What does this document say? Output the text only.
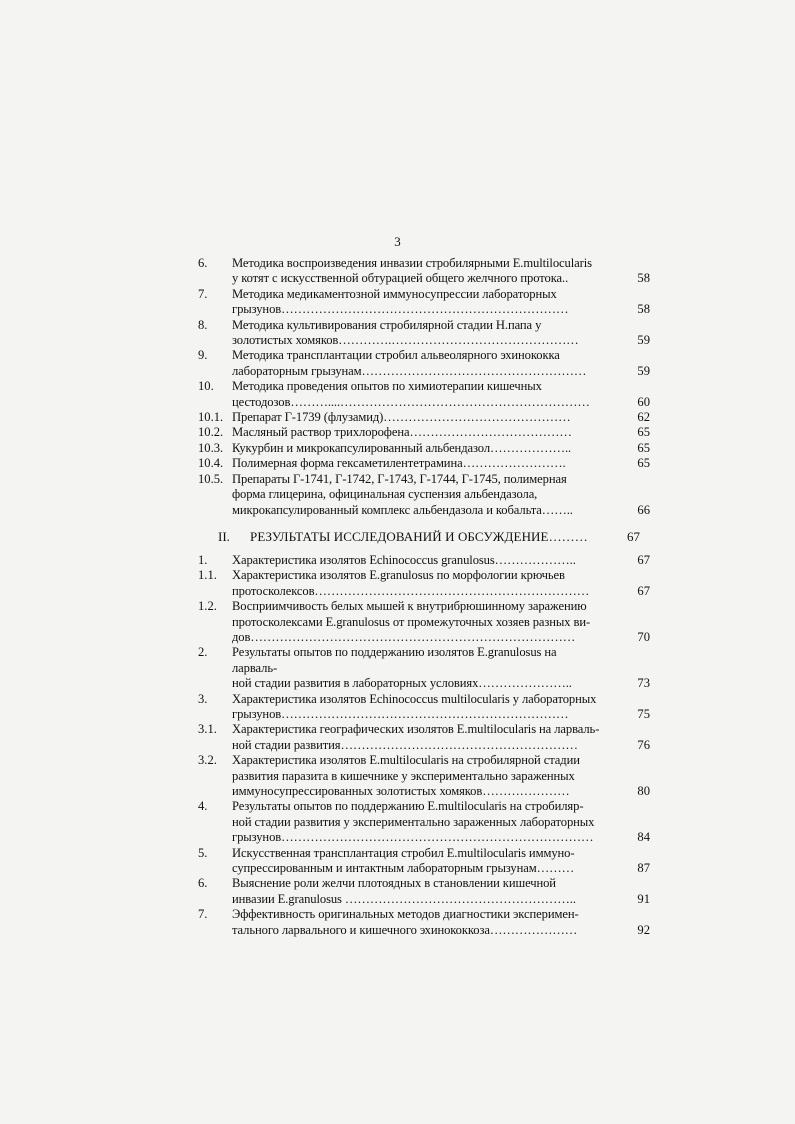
3
6. Методика воспроизведения инвазии стробилярными E.multilocularis
у котят с искусственной обтурацией общего желчного протока..	58
7. Методика медикаментозной иммуносупрессии лабораторных
грызунов……………………………………………………………	58
8. Методика культивирования стробилярной стадии H.папа у
золотистых хомяков………….………………………………………	59
9. Методика трансплантации стробил альвеолярного эхинококка
лабораторным грызунам………………………………………………	59
10. Методика проведения опытов по химиотерапии кишечных
цестодозов………....……………………………………………………	60
10.1. Препарат Г-1739 (флузамид)………………………………………	62
10.2. Масляный раствор трихлорофена…………………………………	65
10.3. Кукурбин и микрокапсулированный альбендазол………………..	65
10.4. Полимерная форма гексаметилентетрамина…………………….	65
10.5. Препараты Г-1741, Г-1742, Г-1743, Г-1744, Г-1745, полимерная
форма глицерина, официнальная суспензия альбендазола,
микрокапсулированный комплекс альбендазола и кобальта……..	66
II. РЕЗУЛЬТАТЫ ИССЛЕДОВАНИЙ И ОБСУЖДЕНИЕ………	67
1. Характеристика изолятов Echinococcus granulosus………………..	67
1.1. Характеристика изолятов E.granulosus по морфологии крючьев
протосколексов…………………………………………………………	67
1.2. Восприимчивость белых мышей к внутрибрюшинному заражению
протосколексами E.granulosus от промежуточных хозяев разных ви-
дов……………………………………………………………………	70
2. Результаты опытов по поддержанию изолятов E.granulosus на ларваль-
ной стадии развития в лабораторных условиях…………………..	73
3. Характеристика изолятов Echinococcus multilocularis у лабораторных
грызунов……………………………………………………………	75
3.1. Характеристика географических изолятов E.multilocularis на ларваль-
ной стадии развития…………………………………………………	76
3.2. Характеристика изолятов E.multilocularis на стробилярной стадии
развития паразита в кишечнике у экспериментально зараженных
иммуносупрессированных золотистых хомяков…………………	80
4. Результаты опытов по поддержанию E.multilocularis на стробиляр-
ной стадии развития у экспериментально зараженных лабораторных
грызунов…………………………………………………………………	84
5. Искусственная трансплантация стробил E.multilocularis иммуно-
супрессированным и интактным лабораторным грызунам………	87
6. Выяснение роли желчи плотоядных в становлении кишечной
инвазии E.granulosus ………………………………………………..	91
7. Эффективность оригинальных методов диагностики эксперимен-
тального ларвального и кишечного эхинококкоза…………………	92
